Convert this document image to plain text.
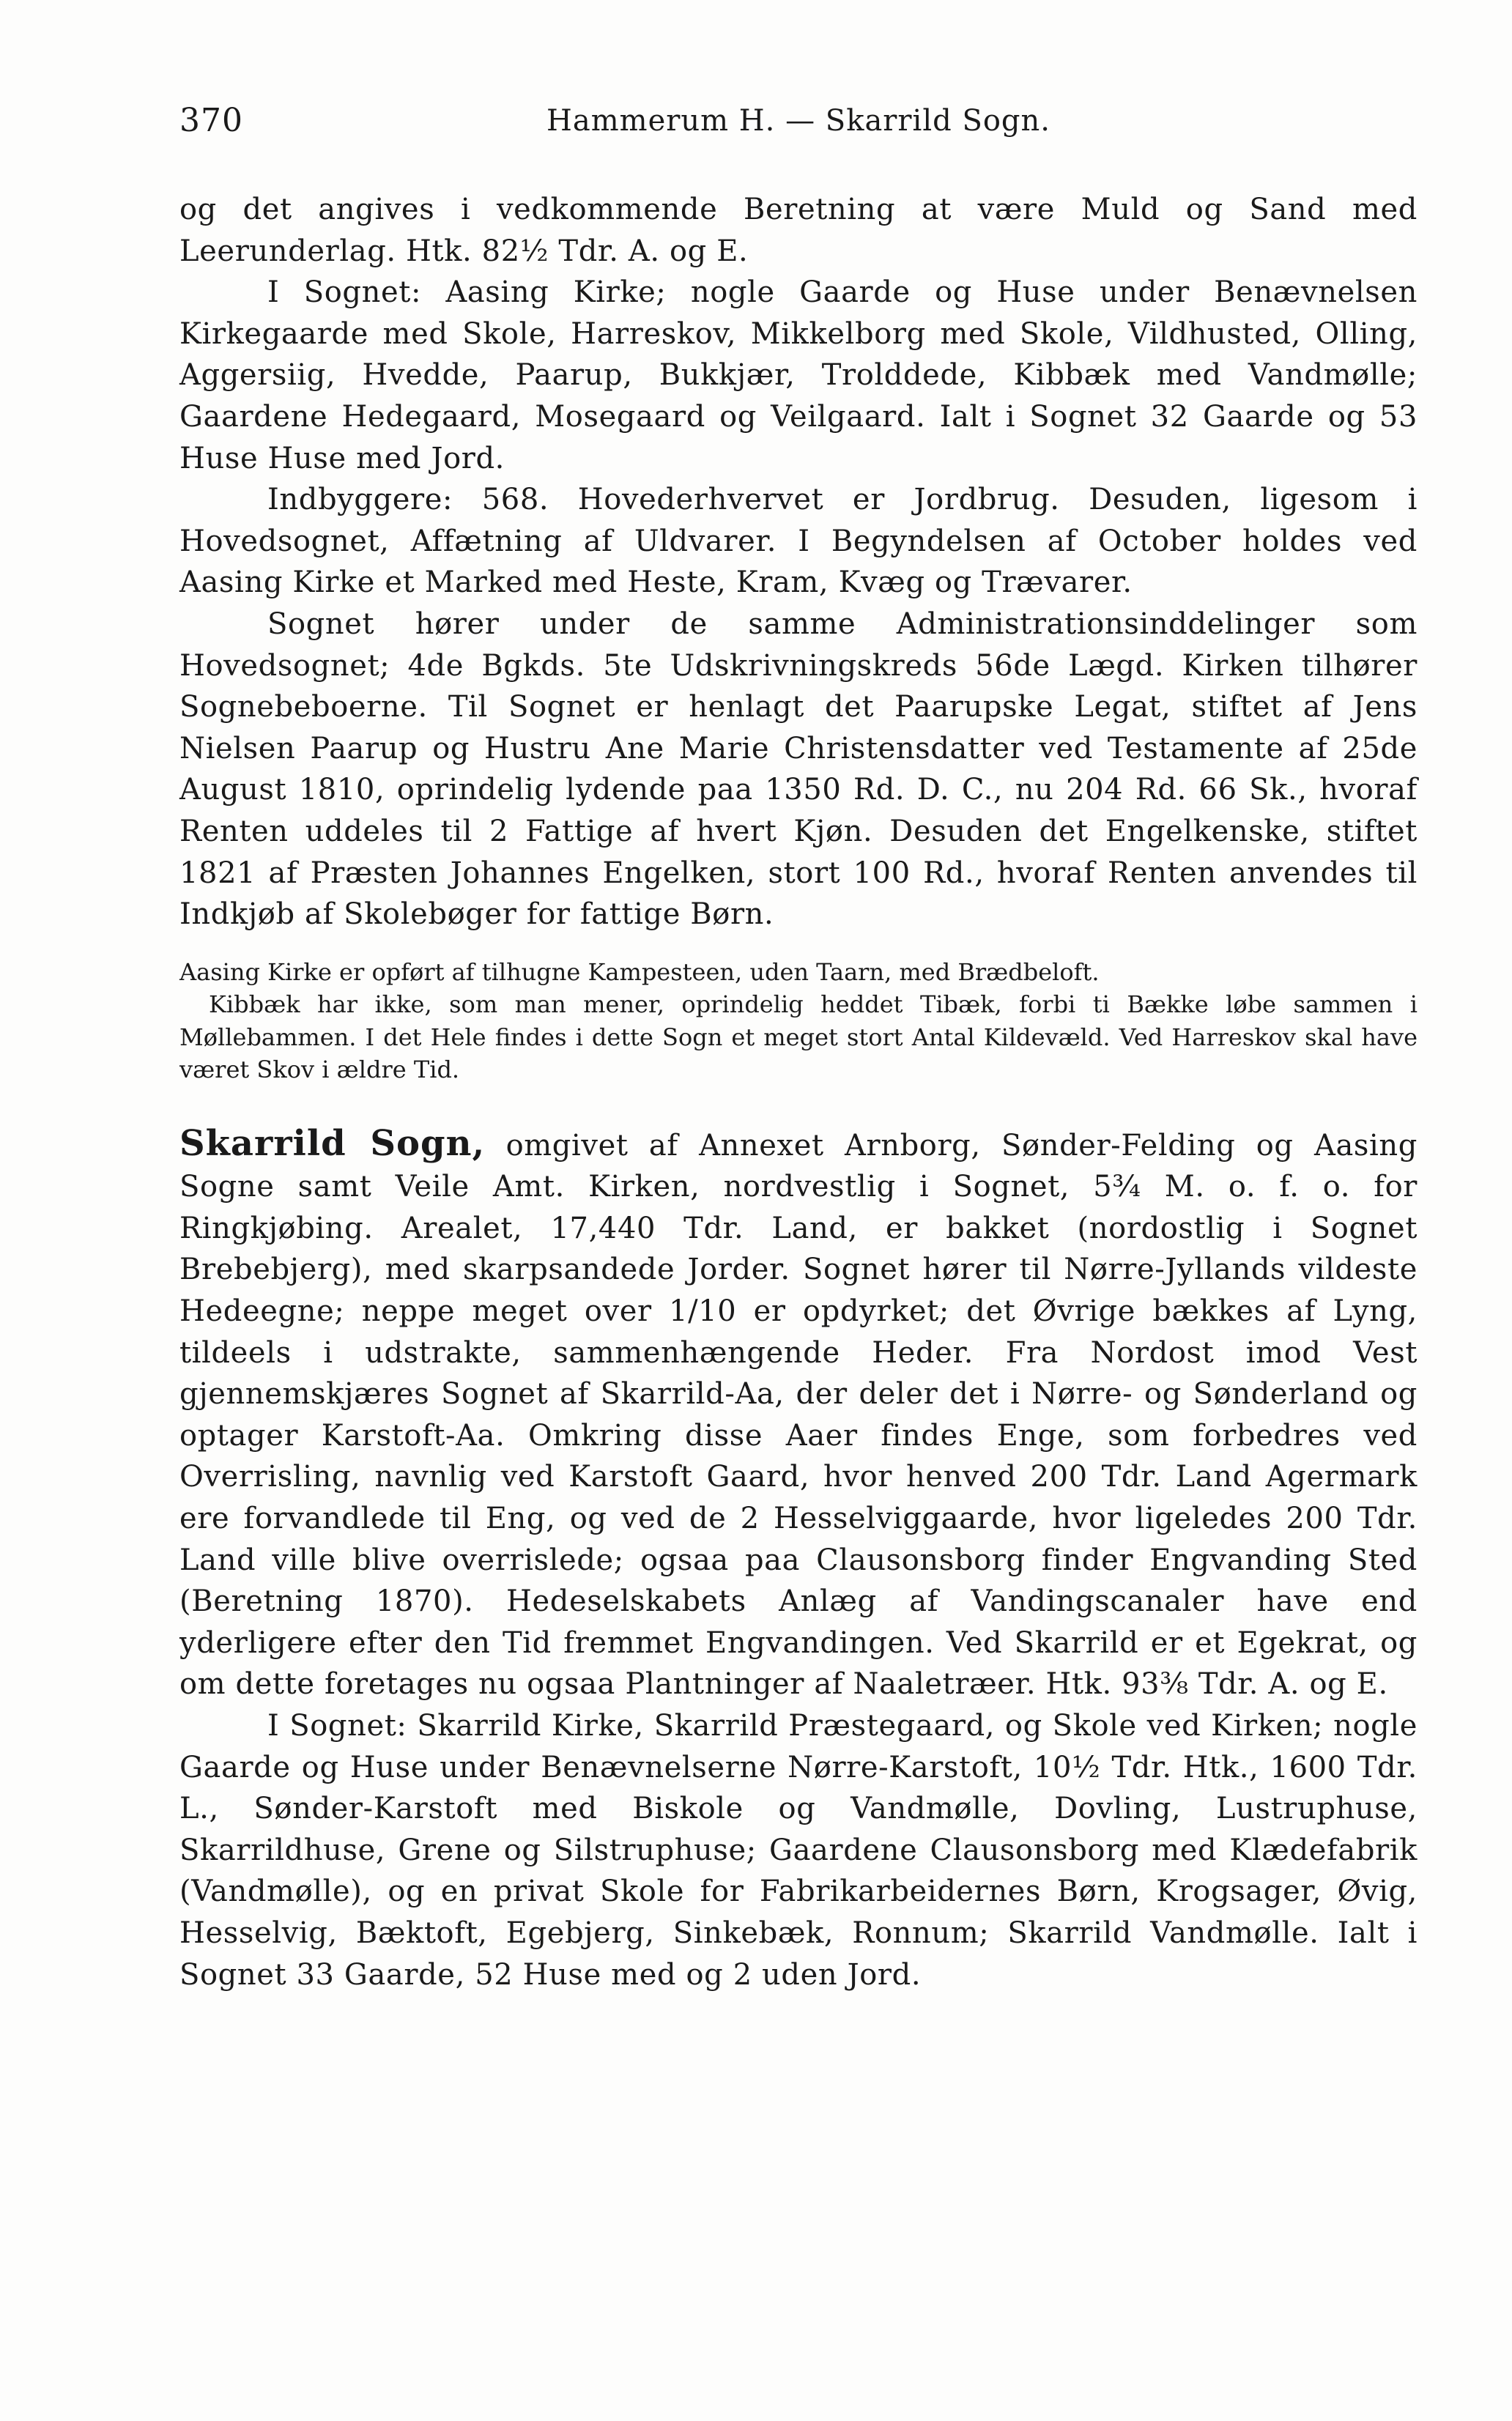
370	Hammerum H. — Skarrild Sogn.

og det angives i vedkommende Beretning at være Muld og Sand med Leerunderlag. Htk. 82½ Tdr. A. og E.

I Sognet: Aasing Kirke; nogle Gaarde og Huse under Benævnelsen Kirkegaarde med Skole, Harreskov, Mikkelborg med Skole, Vildhusted, Olling, Aggersiig, Hvedde, Paarup, Bukkjær, Trolddede, Kibbæk med Vandmølle; Gaardene Hedegaard, Mosegaard og Veilgaard. Ialt i Sognet 32 Gaarde og 53 Huse Huse med Jord.

Indbyggere: 568. Hovederhvervet er Jordbrug. Desuden, ligesom i Hovedsognet, Affætning af Uldvarer. I Begyndelsen af October holdes ved Aasing Kirke et Marked med Heste, Kram, Kvæg og Trævarer.

Sognet hører under de samme Administrationsinddelinger som Hovedsognet; 4de Bgkds. 5te Udskrivningskreds 56de Lægd. Kirken tilhører Sognebeboerne. Til Sognet er henlagt det Paarupske Legat, stiftet af Jens Nielsen Paarup og Hustru Ane Marie Christensdatter ved Testamente af 25de August 1810, oprindelig lydende paa 1350 Rd. D. C., nu 204 Rd. 66 Sk., hvoraf Renten uddeles til 2 Fattige af hvert Kjøn. Desuden det Engelkenske, stiftet 1821 af Præsten Johannes Engelken, stort 100 Rd., hvoraf Renten anvendes til Indkjøb af Skolebøger for fattige Børn.

Aasing Kirke er opført af tilhugne Kampesteen, uden Taarn, med Brædbeloft.

Kibbæk har ikke, som man mener, oprindelig heddet Tibæk, forbi ti Bække løbe sammen i Møllebammen. I det Hele findes i dette Sogn et meget stort Antal Kildevæld. Ved Harreskov skal have været Skov i ældre Tid.

Skarrild Sogn, omgivet af Annexet Arnborg, Sønder-Felding og Aasing Sogne samt Veile Amt. Kirken, nordvestlig i Sognet, 5¾ M. o. f. o. for Ringkjøbing. Arealet, 17,440 Tdr. Land, er bakket (nordostlig i Sognet Brebebjerg), med skarpsandede Jorder. Sognet hører til Nørre-Jyllands vildeste Hedeegne; neppe meget over 1/10 er opdyrket; det Øvrige bækkes af Lyng, tildeels i udstrakte, sammenhængende Heder. Fra Nordost imod Vest gjennemskjæres Sognet af Skarrild-Aa, der deler det i Nørre- og Sønderland og optager Karstoft-Aa. Omkring disse Aaer findes Enge, som forbedres ved Overrisling, navnlig ved Karstoft Gaard, hvor henved 200 Tdr. Land Agermark ere forvandlede til Eng, og ved de 2 Hesselviggaarde, hvor ligeledes 200 Tdr. Land ville blive overrislede; ogsaa paa Clausonsborg finder Engvanding Sted (Beretning 1870). Hedeselskabets Anlæg af Vandingscanaler have end yderligere efter den Tid fremmet Engvandingen. Ved Skarrild er et Egekrat, og om dette foretages nu ogsaa Plantninger af Naaletræer. Htk. 93⅜ Tdr. A. og E.

I Sognet: Skarrild Kirke, Skarrild Præstegaard, og Skole ved Kirken; nogle Gaarde og Huse under Benævnelserne Nørre-Karstoft, 10½ Tdr. Htk., 1600 Tdr. L., Sønder-Karstoft med Biskole og Vandmølle, Dovling, Lustruphuse, Skarrildhuse, Grene og Silstruphuse; Gaardene Clausonsborg med Klædefabrik (Vandmølle), og en privat Skole for Fabrikarbeidernes Børn, Krogsager, Øvig, Hesselvig, Bæktoft, Egebjerg, Sinkebæk, Ronnum; Skarrild Vandmølle. Ialt i Sognet 33 Gaarde, 52 Huse med og 2 uden Jord.
